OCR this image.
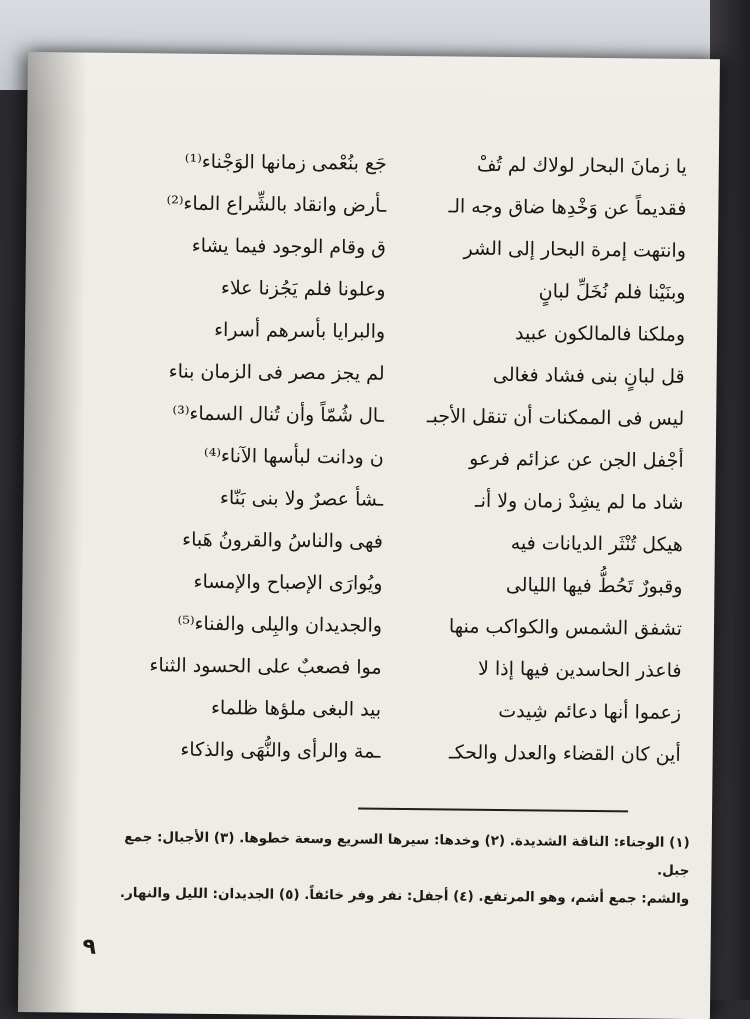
يا زمانَ البحار لولاك لم تُفْ
جَع بنُعْمى زمانها الوَجْناء⁽¹⁾
فقديماً عن وَخْدِها ضاق وجه الـ
ـأرض وانقاد بالشِّراع الماء⁽²⁾
وانتهت إمرة البحار إلى الشر
ق وقام الوجود فيما يشاء
وبنَيْنا فلم نُخَلِّ لبانٍ
وعلونا فلم يَجُزنا علاء
وملكنا فالمالكون عبيد
والبرايا بأسرهم أسراء
قل لبانٍ بنى فشاد فغالى
لم يجز مصر فى الزمان بناء
ليس فى الممكنات أن تنقل الأجبـ
ـال شُمّاً وأن تُنال السماء⁽³⁾
أجْفل الجن عن عزائم فرعو
ن ودانت لبأسها الآناء⁽⁴⁾
شاد ما لم يشِدْ زمان ولا أنـ
ـشأ عصرٌ ولا بنى بَنّاء
هيكل تُنْثَر الديانات فيه
فهى والناسُ والقرونُ هَباء
وقبورٌ تَحُطُّ فيها الليالى
ويُوارَى الإصباح والإمساء
تشفق الشمس والكواكب منها
والجديدان والبِلى والفناء⁽⁵⁾
فاعذر الحاسدين فيها إذا لا
موا فصعبٌ على الحسود الثناء
زعموا أنها دعائم شِيدت
بيد البغى ملؤها ظلماء
أين كان القضاء والعدل والحكـ
ـمة والرأى والنُّهَى والذكاء
(١) الوجناء: الناقة الشديدة. (٢) وخدها: سيرها السريع وسعة خطوها. (٣) الأجبال: جمع جبل.
والشم: جمع أشم، وهو المرتفع. (٤) أجفل: نفر وفر خائفاً. (٥) الجديدان: الليل والنهار.
٩
